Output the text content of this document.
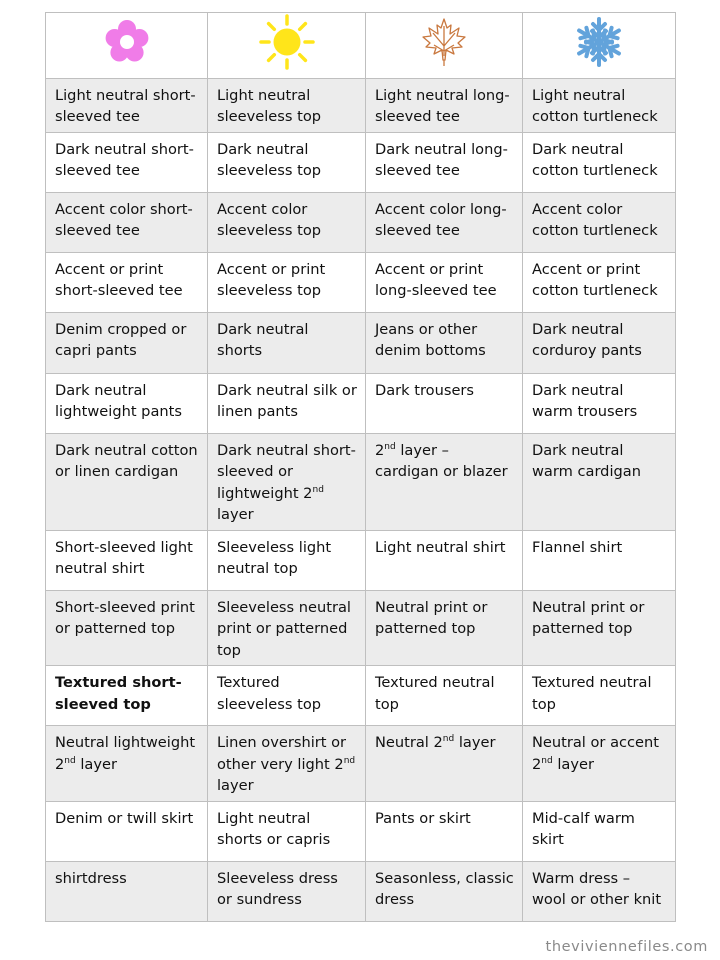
Light neutral short-sleeved tee	Light neutral sleeveless top	Light neutral long-sleeved tee	Light neutral cotton turtleneck
Dark neutral short-sleeved tee	Dark neutral sleeveless top	Dark neutral long-sleeved tee	Dark neutral cotton turtleneck
Accent color short-sleeved tee	Accent color sleeveless top	Accent color long-sleeved tee	Accent color cotton turtleneck
Accent or print short-sleeved tee	Accent or print sleeveless top	Accent or print long-sleeved tee	Accent or print cotton turtleneck
Denim cropped or capri pants	Dark neutral shorts	Jeans or other denim bottoms	Dark neutral corduroy pants
Dark neutral lightweight pants	Dark neutral silk or linen pants	Dark trousers	Dark neutral warm trousers
Dark neutral cotton or linen cardigan	Dark neutral short-sleeved or lightweight 2nd layer	2nd layer – cardigan or blazer	Dark neutral warm cardigan
Short-sleeved light neutral shirt	Sleeveless light neutral top	Light neutral shirt	Flannel shirt
Short-sleeved print or patterned top	Sleeveless neutral print or patterned top	Neutral print or patterned top	Neutral print or patterned top
Textured short-sleeved top	Textured sleeveless top	Textured neutral top	Textured neutral top
Neutral lightweight 2nd layer	Linen overshirt or other very light 2nd layer	Neutral 2nd layer	Neutral or accent 2nd layer
Denim or twill skirt	Light neutral shorts or capris	Pants or skirt	Mid-calf warm skirt
shirtdress	Sleeveless dress or sundress	Seasonless, classic dress	Warm dress – wool or other knit
theviviennefiles.com
